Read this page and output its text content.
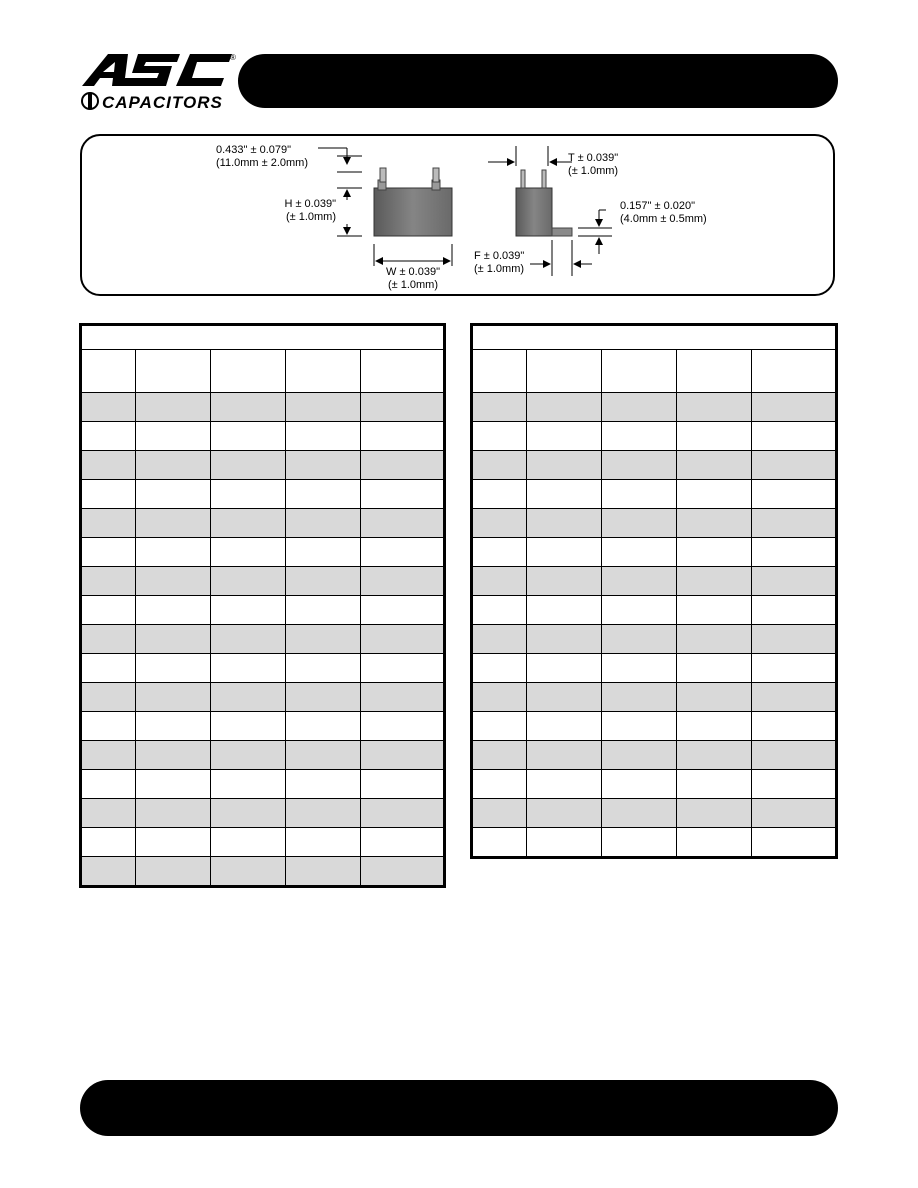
®
CAPACITORS
0.433" ± 0.079"
(11.0mm ± 2.0mm)
H ± 0.039"
(± 1.0mm)
W ± 0.039"
(± 1.0mm)
T ± 0.039"
(± 1.0mm)
0.157" ± 0.020"
(4.0mm ± 0.5mm)
F ± 0.039"
(± 1.0mm)
